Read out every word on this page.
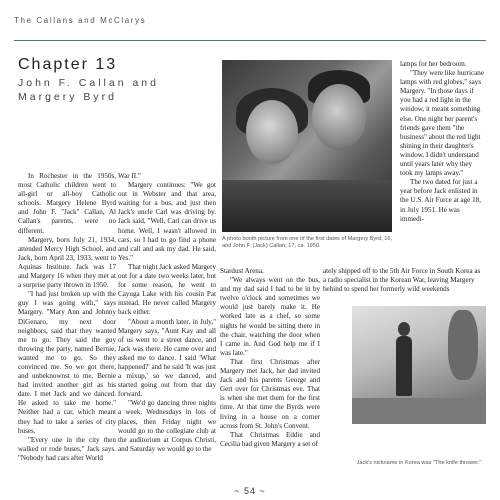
The Callans and McClarys
Chapter 13
John F. Callan and Margery Byrd

In Rochester in the 1950s, most Catholic children went to all-girl or all-boy Catholic schools. Margery Helene Byrd and John F. "Jack" Callan, Al Callan's parents, were no different.

Margery, born July 21, 1934, attended Mercy High School, and Jack, born April 23, 1933, went to Aquinas Institute. Jack was 17 and Margery 16 when they met at a surprise party thrown in 1950.

"I had just broken up with the guy I was going with," says Margery. "Mary Ann and Johnny DiGenaro, my next door neighbors, said that they wanted me to go. They said the guy throwing the party, named Bernie, wanted me to go. So they convinced me. So we got there, and unbeknownst to me, Bernie had invited another girl as his date. I met Jack and we danced. He asked to take me home." Neither had a car, which meant they had to take a series of city buses.

"Every one in the city then walked or rode buses," Jack says. "Nobody had cars after World

War II."

Margery continues: "We got out in Webster and that area, waiting for a bus, and just then Jack's uncle Carl was driving by. Jack said, "Well, Carl can drive us home. Well, I wasn't allowed in cars, so I had to go find a phone and call and ask my dad. He said, Yes."

That night Jack asked Margery out for a date two weeks later, but for some reason, he went to Cayuga Lake with his cousin Pat instead. He never called Margery back either.

"About a month later, in July," Margery says, "Aunt Kay and all of us went to a street dance, and Jack was there. He came over and asked me to dance. I said 'What happened?' and he said 'It was just a mixup,' so we danced, and started going out from that day forward.

"We'd go dancing three nights a week. Wednesdays in lots of places, then Friday night we would go to the collegiate club at the auditorium at Corpus Christi, and Saturday we would go to the

A photo booth picture from one of the first dates of Margery Byrd, 16, and John F. (Jack) Callan, 17, ca. 1950.

Stardust Arena.

"We always went on the bus, and my dad said I had to be in by twelve o'clock and sometimes we would just barely make it. He worked late as a chef, so some nights he would be sitting there in the chair, watching the door when I came in. And God help me if I was late."

That first Christmas after Margery met Jack, her dad invited Jack and his parents George and Gert over for Christmas eve. That is when she met them for the first time. At that time the Byrds were living in a house on a corner across from St. John's Convent.

That Christmas Eddie and Cecilia had given Margery a set of

lamps for her bedroom.

"They were like hurricane lamps with red globes," says Margery. "In those days if you had a red light in the window, it meant something else. One night her parent's friends gave them "the business" about the red light shining in their daughter's window, I didn't understand until years later why they took my lamps away."

The two dated for just a year before Jack enlisted in the U.S. Air Force at age 18, in July 1951. He was immedi-

ately shipped off to the 5th Air Force in South Korea as a radio specialist in the Korean War, leaving Margery behind to spend her formerly wild weekends

Jack's nickname in Korea was "The knife thrower."
~ 54 ~
